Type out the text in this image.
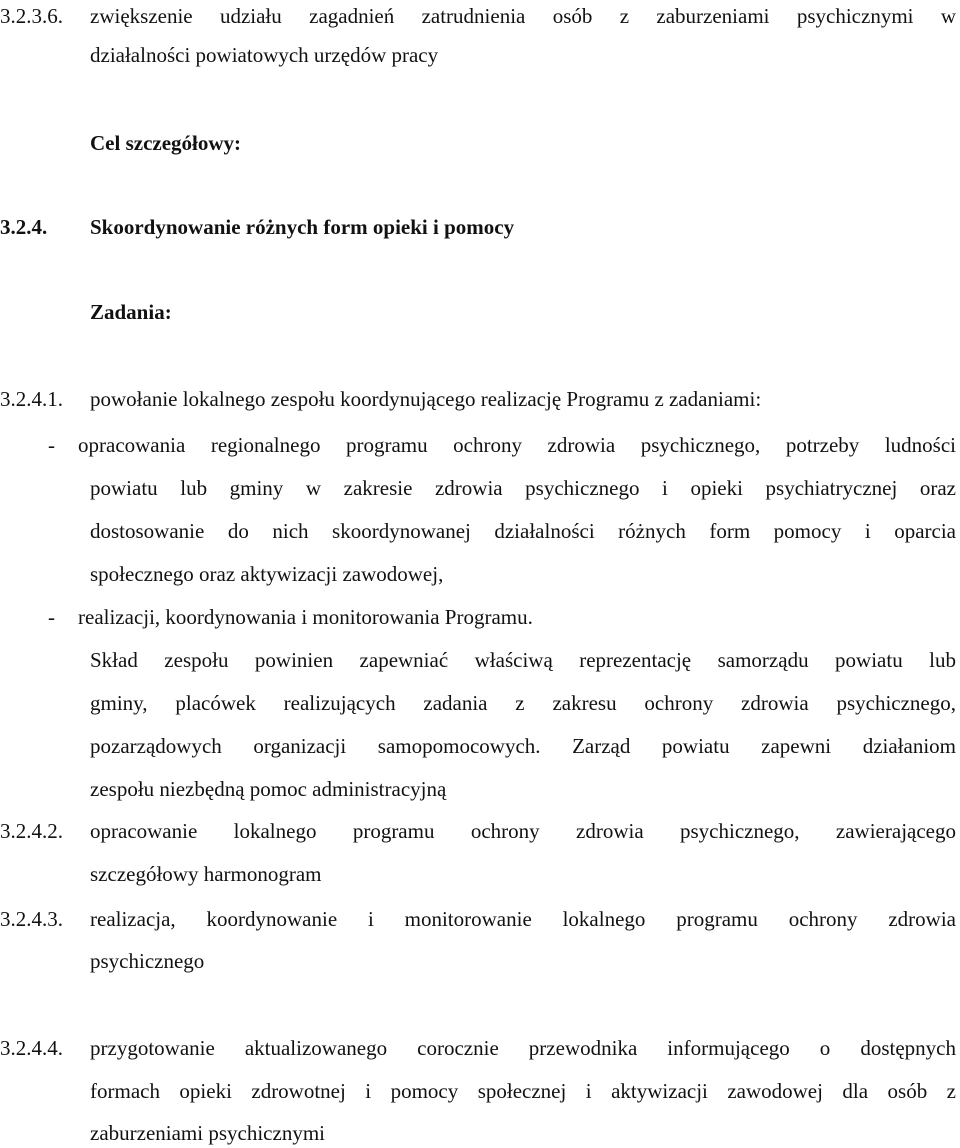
3.2.3.6. zwiększenie udziału zagadnień zatrudnienia osób z zaburzeniami psychicznymi w
działalności powiatowych urzędów pracy
Cel szczegółowy:
3.2.4. Skoordynowanie różnych form opieki i pomocy
Zadania:
3.2.4.1. powołanie lokalnego zespołu koordynującego realizację Programu z zadaniami:
- opracowania regionalnego programu ochrony zdrowia psychicznego, potrzeby ludności
powiatu lub gminy w zakresie zdrowia psychicznego i opieki psychiatrycznej oraz
dostosowanie do nich skoordynowanej działalności różnych form pomocy i oparcia
społecznego oraz aktywizacji zawodowej,
- realizacji, koordynowania i monitorowania Programu.
Skład zespołu powinien zapewniać właściwą reprezentację samorządu powiatu lub
gminy, placówek realizujących zadania z zakresu ochrony zdrowia psychicznego,
pozarządowych organizacji samopomocowych. Zarząd powiatu zapewni działaniom
zespołu niezbędną pomoc administracyjną
3.2.4.2. opracowanie lokalnego programu ochrony zdrowia psychicznego, zawierającego
szczegółowy harmonogram
3.2.4.3. realizacja, koordynowanie i monitorowanie lokalnego programu ochrony zdrowia
psychicznego
3.2.4.4. przygotowanie aktualizowanego corocznie przewodnika informującego o dostępnych
formach opieki zdrowotnej i pomocy społecznej i aktywizacji zawodowej dla osób z
zaburzeniami psychicznymi
